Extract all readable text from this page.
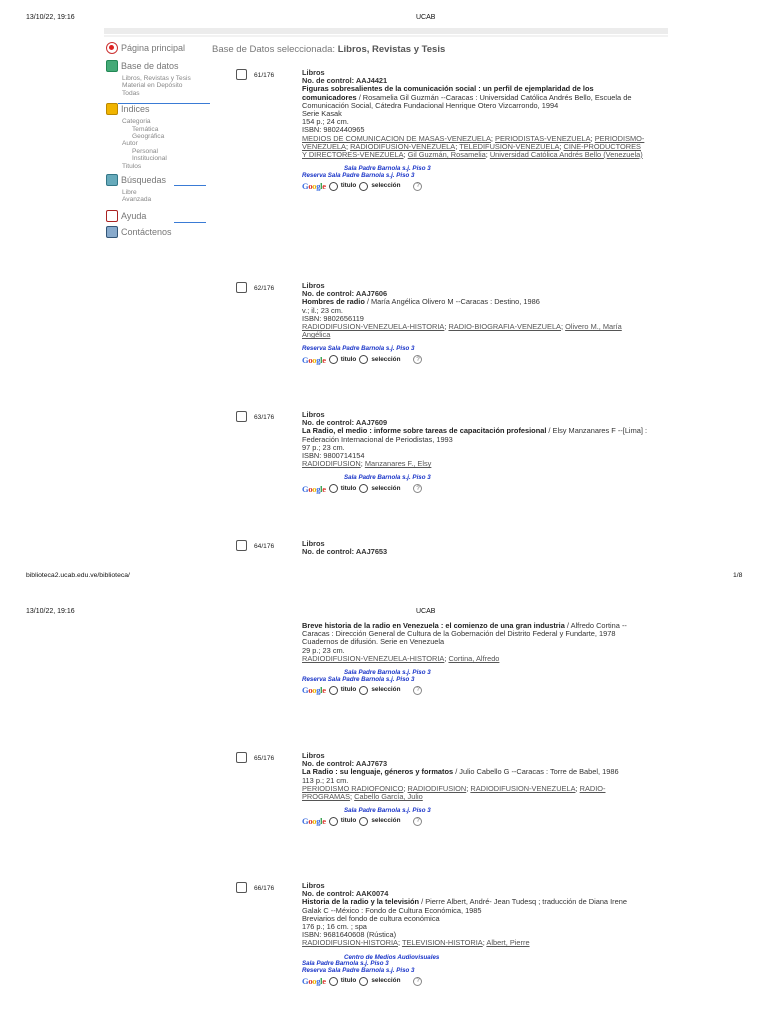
13/10/22, 19:16	UCAB
Página principal
Base de datos
Libros, Revistas y Tesis
Material en Depósito
Todas
Indices
Categoria
Temática
Geográfica
Autor
Personal
Institucional
Titulos
Búsquedas
Libre
Avanzada
Ayuda
Contáctenos
Base de Datos seleccionada: Libros, Revistas y Tesis
61/176	Libros
No. de control: AAJ4421
Figuras sobresalientes de la comunicación social : un perfil de ejemplaridad de los comunicadores / Rosamelia Gil Guzmán --Caracas : Universidad Católica Andrés Bello, Escuela de Comunicación Social, Cátedra Fundacional Henrique Otero Vizcarrondo, 1994
Serie Kasak
154 p.; 24 cm.
ISBN: 9802440965
MEDIOS DE COMUNICACION DE MASAS-VENEZUELA; PERIODISTAS-VENEZUELA; PERIODISMO-VENEZUELA; RADIODIFUSION-VENEZUELA; TELEDIFUSION-VENEZUELA; CINE-PRODUCTORES Y DIRECTORES-VENEZUELA; Gil Guzmán, Rosamelia; Universidad Católica Andrés Bello (Venezuela)
Sala Padre Barnola s.j. Piso 3
Reserva Sala Padre Barnola s.j. Piso 3
Google titulo selección	?
62/176	Libros
No. de control: AAJ7606
Hombres de radio / María Angélica Olivero M --Caracas : Destino, 1986
v.; il.; 23 cm.
ISBN: 9802656119
RADIODIFUSION-VENEZUELA-HISTORIA; RADIO-BIOGRAFIA-VENEZUELA; Olivero M., María Angélica
Reserva Sala Padre Barnola s.j. Piso 3
Google titulo selección	?
63/176	Libros
No. de control: AAJ7609
La Radio, el medio : informe sobre tareas de capacitación profesional / Elsy Manzanares F --[Lima] : Federación Internacional de Periodistas, 1993
97 p.; 23 cm.
ISBN: 9800714154
RADIODIFUSION; Manzanares F., Elsy
Sala Padre Barnola s.j. Piso 3
Google titulo selección	?
64/176	Libros
No. de control: AAJ7653
biblioteca2.ucab.edu.ve/biblioteca/	1/8
13/10/22, 19:16	UCAB
Breve historia de la radio en Venezuela : el comienzo de una gran industria / Alfredo Cortina --Caracas : Dirección General de Cultura de la Gobernación del Distrito Federal y Fundarte, 1978
Cuadernos de difusión. Serie en Venezuela
29 p.; 23 cm.
RADIODIFUSION-VENEZUELA-HISTORIA; Cortina, Alfredo
Sala Padre Barnola s.j. Piso 3
Reserva Sala Padre Barnola s.j. Piso 3
Google titulo selección	?
65/176	Libros
No. de control: AAJ7673
La Radio : su lenguaje, géneros y formatos / Julio Cabello G --Caracas : Torre de Babel, 1986
113 p.; 21 cm.
PERIODISMO RADIOFONICO; RADIODIFUSION; RADIODIFUSION-VENEZUELA; RADIO-PROGRAMAS; Cabello García, Julio
Sala Padre Barnola s.j. Piso 3
Google titulo selección	?
66/176	Libros
No. de control: AAK0074
Historia de la radio y la televisión / Pierre Albert, André- Jean Tudesq ; traducción de Diana Irene Galak C --México : Fondo de Cultura Económica, 1985
Breviarios del fondo de cultura económica
176 p.; 16 cm. ; spa
ISBN: 9681640608 (Rústica)
RADIODIFUSION-HISTORIA; TELEVISION-HISTORIA; Albert, Pierre
Centro de Medios Audiovisuales
Sala Padre Barnola s.j. Piso 3
Reserva Sala Padre Barnola s.j. Piso 3
Google titulo selección	?
